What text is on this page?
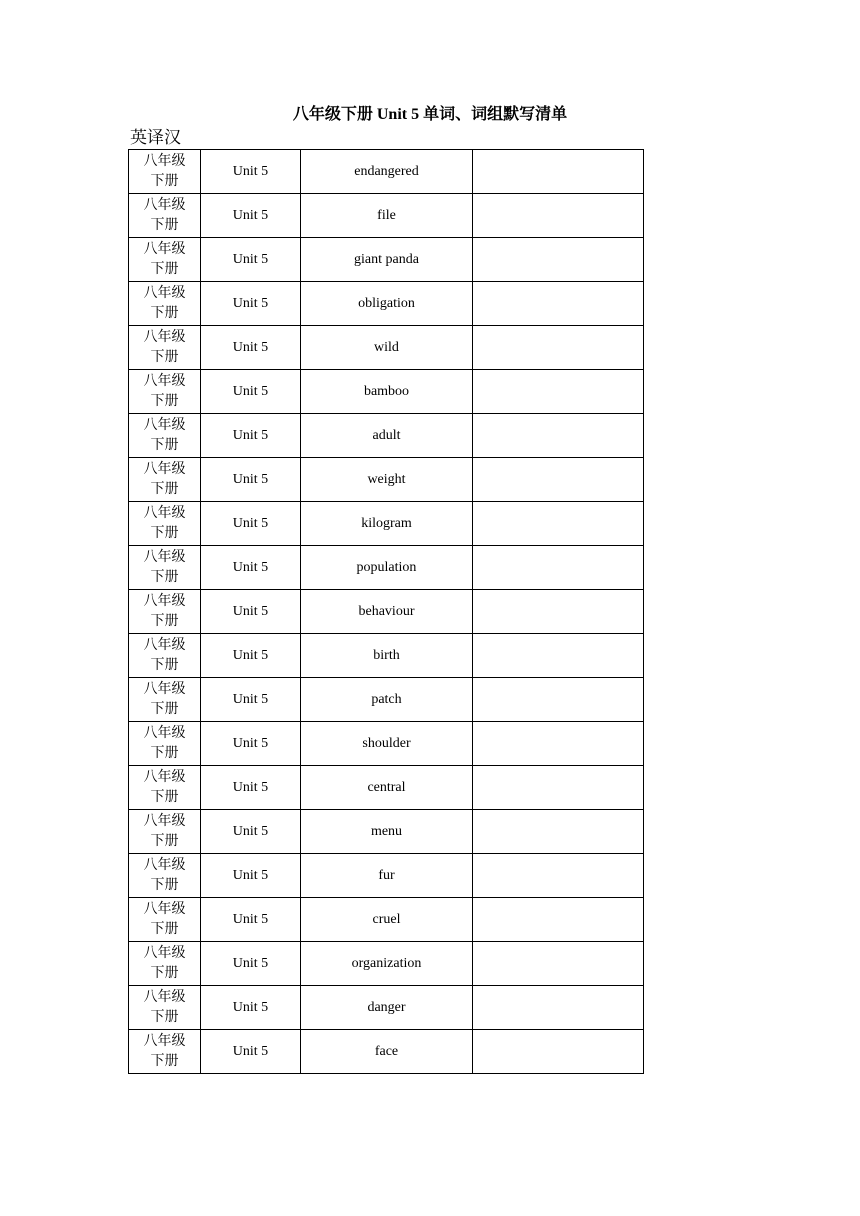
八年级下册 Unit 5 单词、词组默写清单
英译汉
八年级
下册	Unit 5	endangered	

八年级
下册	Unit 5	file	

八年级
下册	Unit 5	giant panda	

八年级
下册	Unit 5	obligation	

八年级
下册	Unit 5	wild	

八年级
下册	Unit 5	bamboo	

八年级
下册	Unit 5	adult	

八年级
下册	Unit 5	weight	

八年级
下册	Unit 5	kilogram	

八年级
下册	Unit 5	population	

八年级
下册	Unit 5	behaviour	

八年级
下册	Unit 5	birth	

八年级
下册	Unit 5	patch	

八年级
下册	Unit 5	shoulder	

八年级
下册	Unit 5	central	

八年级
下册	Unit 5	menu	

八年级
下册	Unit 5	fur	

八年级
下册	Unit 5	cruel	

八年级
下册	Unit 5	organization	

八年级
下册	Unit 5	danger	

八年级
下册	Unit 5	face	
